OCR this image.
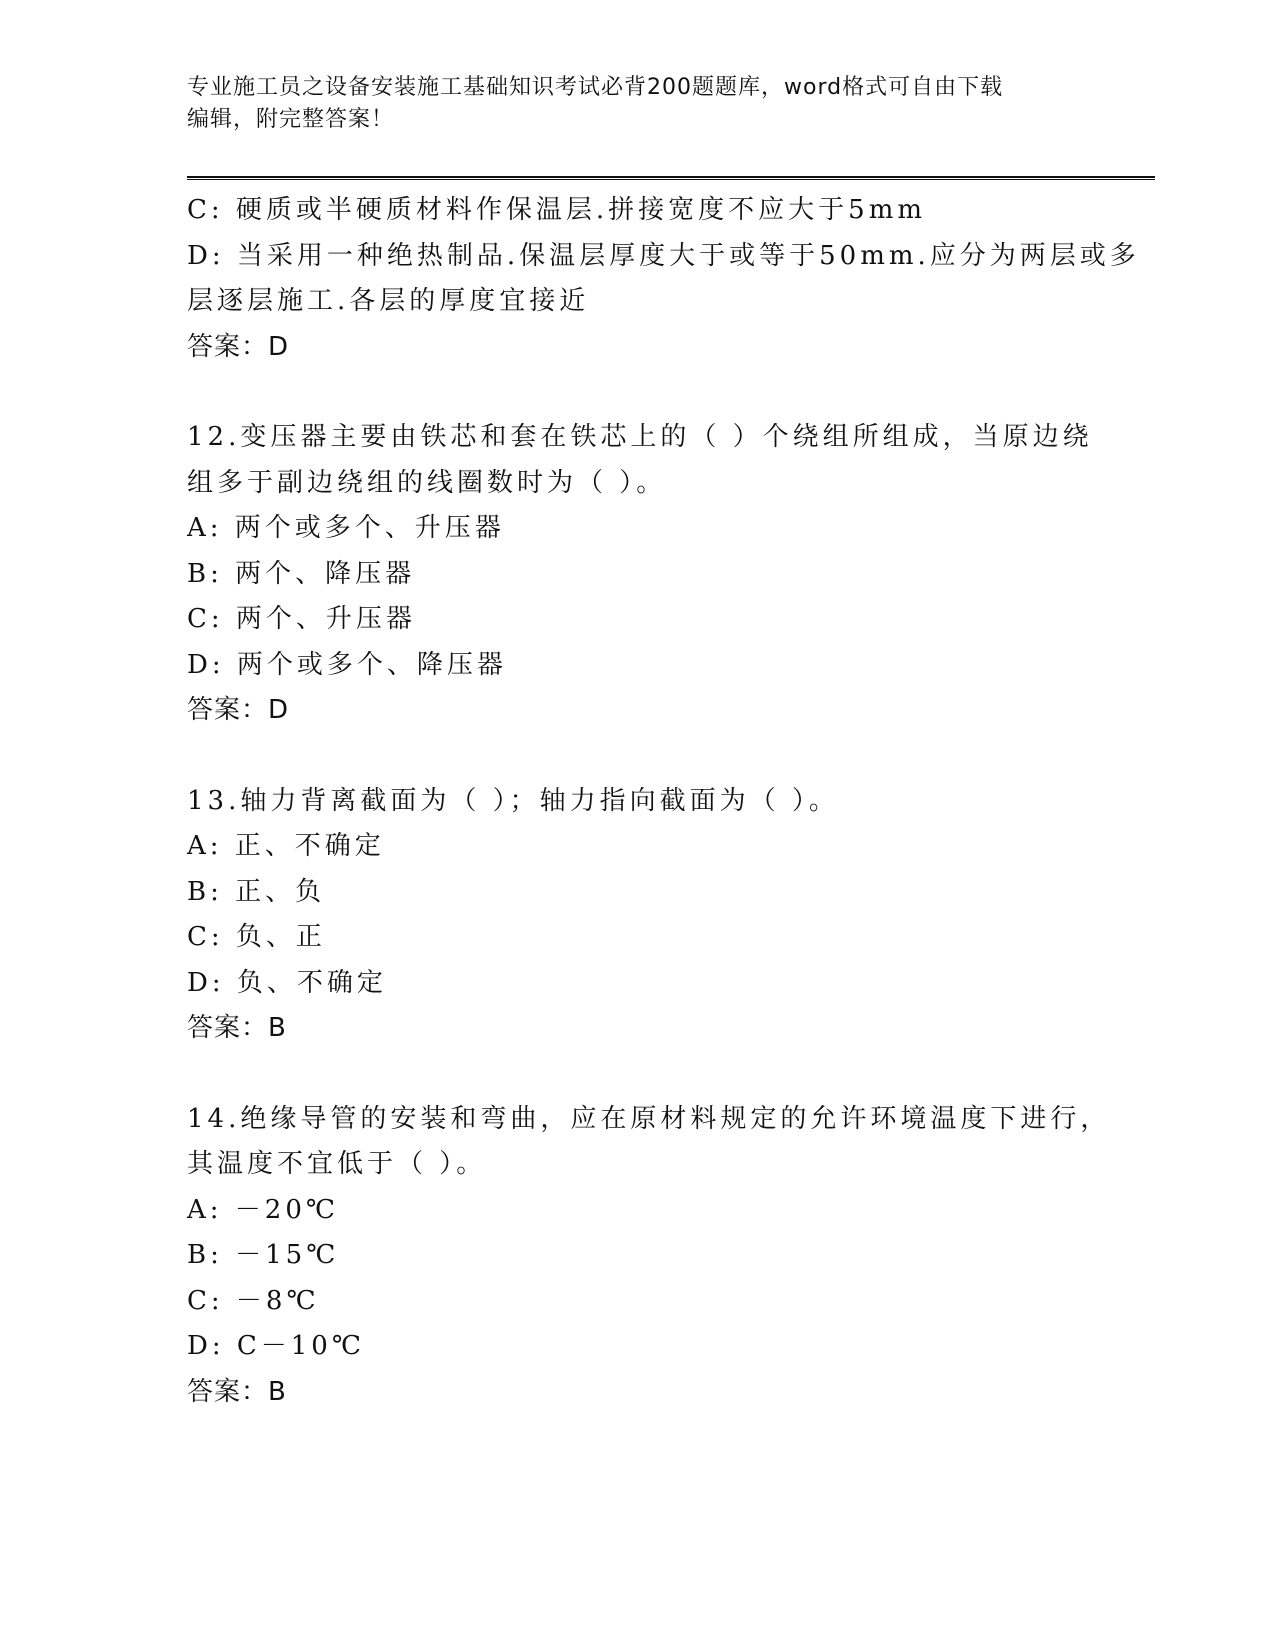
专业施工员之设备安装施工基础知识考试必背200题题库，word格式可自由下载
编辑，附完整答案！
C: 硬质或半硬质材料作保温层.拼接宽度不应大于5mm
D: 当采用一种绝热制品.保温层厚度大于或等于50mm.应分为两层或多
层逐层施工.各层的厚度宜接近
答案：D
12.变压器主要由铁芯和套在铁芯上的（ ）个绕组所组成，当原边绕
组多于副边绕组的线圈数时为（ ）。
A: 两个或多个、升压器
B: 两个、降压器
C: 两个、升压器
D: 两个或多个、降压器
答案：D
13.轴力背离截面为（ ）；轴力指向截面为（ ）。
A: 正、不确定
B: 正、负
C: 负、正
D: 负、不确定
答案：B
14.绝缘导管的安装和弯曲，应在原材料规定的允许环境温度下进行，
其温度不宜低于（ ）。
A: －20℃
B: －15℃
C: －8℃
D: C－10℃
答案：B
